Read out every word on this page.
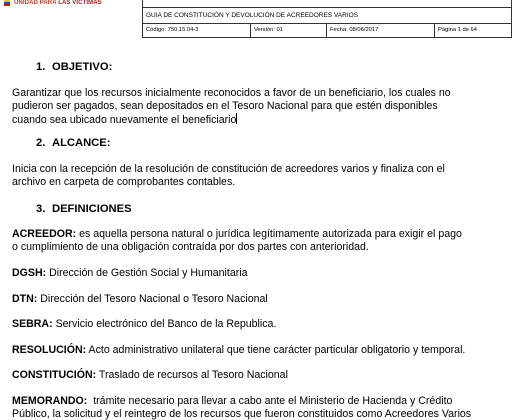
UNIDAD PARA LAS VÍCTIMAS

GUIA DE CONSTITUCIÓN Y DEVOLUCIÓN DE ACREEDORES VARIOS
Código: 750.15.04-3	Versión: 01	Fecha: 08/06/2017	Página 1 de 64
1. OBJETIVO:
Garantizar que los recursos inicialmente reconocidos a favor de un beneficiario, los cuales no
pudieron ser pagados, sean depositados en el Tesoro Nacional para que estén disponibles
cuando sea ubicado nuevamente el beneficiario
2. ALCANCE:
Inicia con la recepción de la resolución de constitución de acreedores varios y finaliza con el
archivo en carpeta de comprobantes contables.
3. DEFINICIONES
ACREEDOR: es aquella persona natural o jurídica legítimamente autorizada para exigir el pago
o cumplimiento de una obligación contraída por dos partes con anterioridad.
DGSH: Dirección de Gestión Social y Humanitaria
DTN: Dirección del Tesoro Nacional o Tesoro Nacional
SEBRA: Servicio electrónico del Banco de la Republica.
RESOLUCIÓN: Acto administrativo unilateral que tiene carácter particular obligatorio y temporal.
CONSTITUCIÓN: Traslado de recursos al Tesoro Nacional
MEMORANDO:  trámite necesario para llevar a cabo ante el Ministerio de Hacienda y Crédito
Público, la solicitud y el reintegro de los recursos que fueron constituidos como Acreedores Varios
